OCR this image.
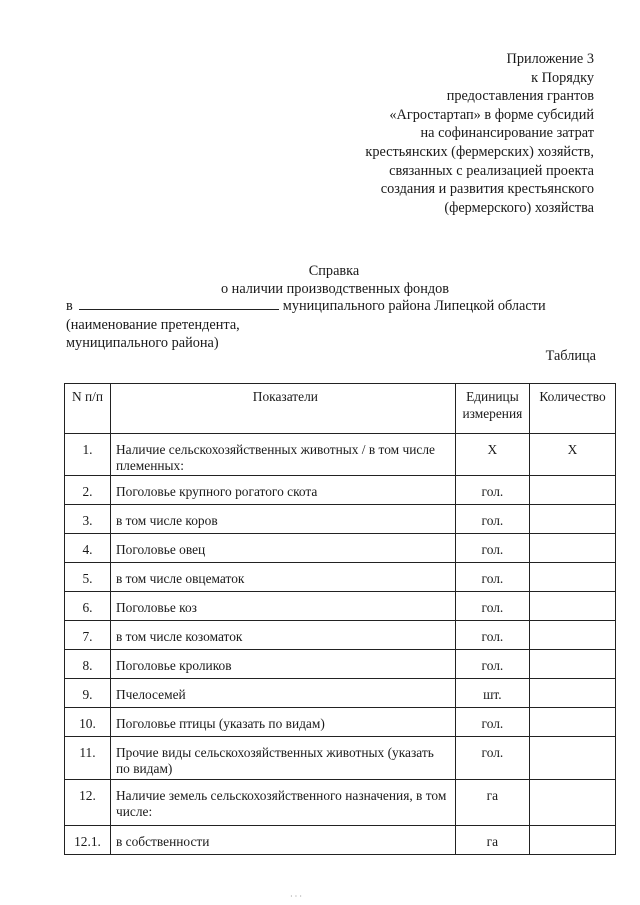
Приложение 3
к Порядку
предоставления грантов
«Агростартап» в форме субсидий
на софинансирование затрат
крестьянских (фермерских) хозяйств,
связанных с реализацией проекта
создания и развития крестьянского
(фермерского) хозяйства
Справка
о наличии производственных фондов
в	муниципального района Липецкой области
(наименование претендента,
муниципального района)
Таблица
N п/п	Показатели	Единицы измерения	Количество
1.	Наличие сельскохозяйственных животных / в том числе племенных:	Х	Х
2.	Поголовье крупного рогатого скота	гол.	
3.	в том числе коров	гол.	
4.	Поголовье овец	гол.	
5.	в том числе овцематок	гол.	
6.	Поголовье коз	гол.	
7.	в том числе козоматок	гол.	
8.	Поголовье кроликов	гол.	
9.	Пчелосемей	шт.	
10.	Поголовье птицы (указать по видам)	гол.	
11.	Прочие виды сельскохозяйственных животных (указать по видам)	гол.	
12.	Наличие земель сельскохозяйственного назначения, в том числе:	га	
12.1.	в собственности	га	
· · ·
